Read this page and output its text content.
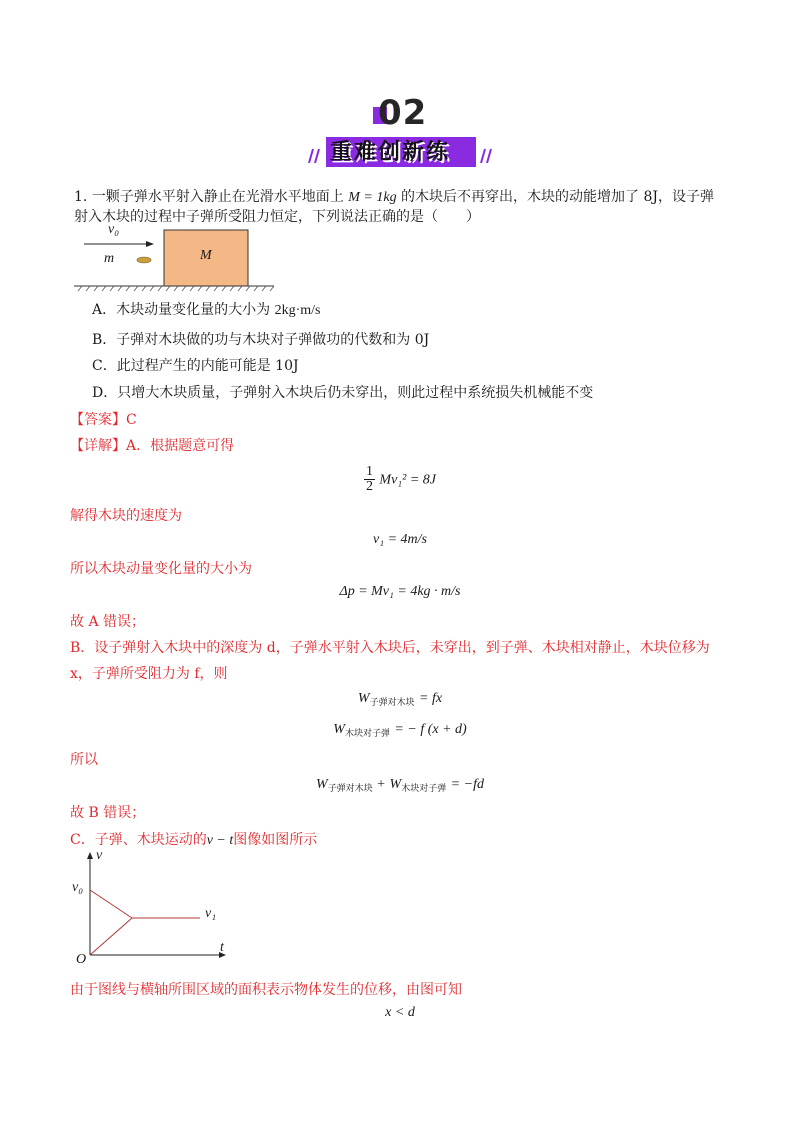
02
重难创新练
1. 一颗子弹水平射入静止在光滑水平地面上 M = 1kg 的木块后不再穿出，木块的动能增加了 8J，设子弹
射入木块的过程中子弹所受阻力恒定，下列说法正确的是（　　）
v₀
m	M
A．木块动量变化量的大小为 2kg·m/s
B．子弹对木块做的功与木块对子弹做功的代数和为 0J
C．此过程产生的内能可能是 10J
D．只增大木块质量，子弹射入木块后仍未穿出，则此过程中系统损失机械能不变
【答案】C
【详解】A．根据题意可得
$\frac{1}{2} Mv_1^2 = 8J$
解得木块的速度为
v₁ = 4m/s
所以木块动量变化量的大小为
Δp = Mv₁ = 4kg · m/s
故 A 错误；
B．设子弹射入木块中的深度为 d，子弹水平射入木块后，未穿出，到子弹、木块相对静止，木块位移为
x，子弹所受阻力为 f，则
$W_{子弹对木块}$ = fx
$W_{木块对子弹}$ = − f (x + d)
所以
$W_{子弹对木块} + W_{木块对子弹} = -fd$
故 B 错误；
C．子弹、木块运动的v − t图像如图所示
v
t
O
v₀
v₁
由于图线与横轴所围区域的面积表示物体发生的位移，由图可知
x < d
